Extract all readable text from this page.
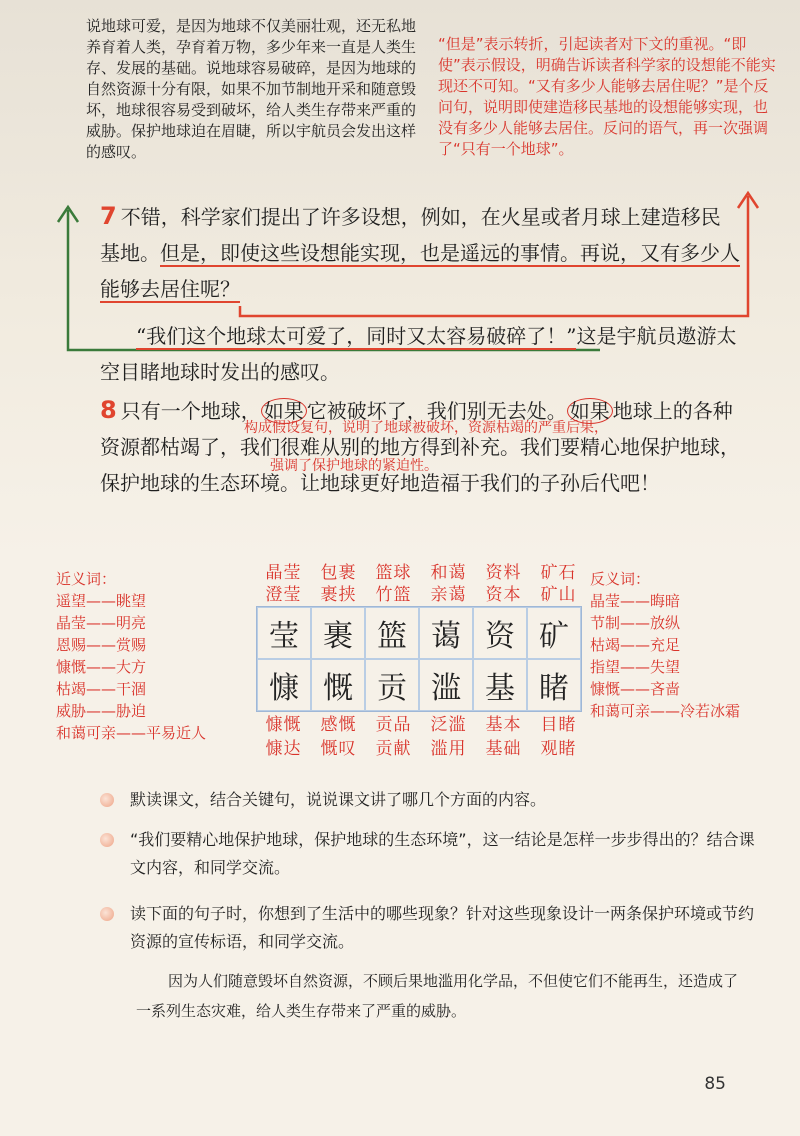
说地球可爱，是因为地球不仅美丽壮观，还无私地养育着人类，孕育着万物，多少年来一直是人类生存、发展的基础。说地球容易破碎，是因为地球的自然资源十分有限，如果不加节制地开采和随意毁坏，地球很容易受到破坏，给人类生存带来严重的威胁。保护地球迫在眉睫，所以宇航员会发出这样的感叹。
“但是”表示转折，引起读者对下文的重视。“即使”表示假设，明确告诉读者科学家的设想能不能实现还不可知。“又有多少人能够去居住呢？”是个反问句，说明即使建造移民基地的设想能够实现，也没有多少人能够去居住。反问的语气，再一次强调了“只有一个地球”。
7 不错，科学家们提出了许多设想，例如，在火星或者月球上建造移民基地。但是，即使这些设想能实现，也是遥远的事情。再说，又有多少人能够去居住呢？
“我们这个地球太可爱了，同时又太容易破碎了！”这是宇航员遨游太空目睹地球时发出的感叹。
8 只有一个地球， 如果 它被破坏了，我们别无去处。 如果 地球上的各种资源都枯竭了，我们很难从别的地方得到补充。我们要精心地保护地球，保护地球的生态环境。让地球更好地造福于我们的子孙后代吧！
构成假设复句，说明了地球被破坏，资源枯竭的严重后果，
强调了保护地球的紧迫性。
近义词：
遥望——眺望
晶莹——明亮
恩赐——赏赐
慷慨——大方
枯竭——干涸
威胁——胁迫
和蔼可亲——平易近人
反义词：
晶莹——晦暗
节制——放纵
枯竭——充足
指望——失望
慷慨——吝啬
和蔼可亲——冷若冰霜
晶莹	包裹	篮球	和蔼	资料	矿石
澄莹	裹挟	竹篮	亲蔼	资本	矿山
莹 裹 篮 蔼 资 矿
慷 慨 贡 滥 基 睹
慷慨	感慨	贡品	泛滥	基本	目睹
慷达	慨叹	贡献	滥用	基础	观睹
默读课文，结合关键句，说说课文讲了哪几个方面的内容。
“我们要精心地保护地球，保护地球的生态环境”，这一结论是怎样一步步得出的？结合课文内容，和同学交流。
读下面的句子时，你想到了生活中的哪些现象？针对这些现象设计一两条保护环境或节约资源的宣传标语，和同学交流。
因为人们随意毁坏自然资源，不顾后果地滥用化学品，不但使它们不能再生，还造成了一系列生态灾难，给人类生存带来了严重的威胁。
85
